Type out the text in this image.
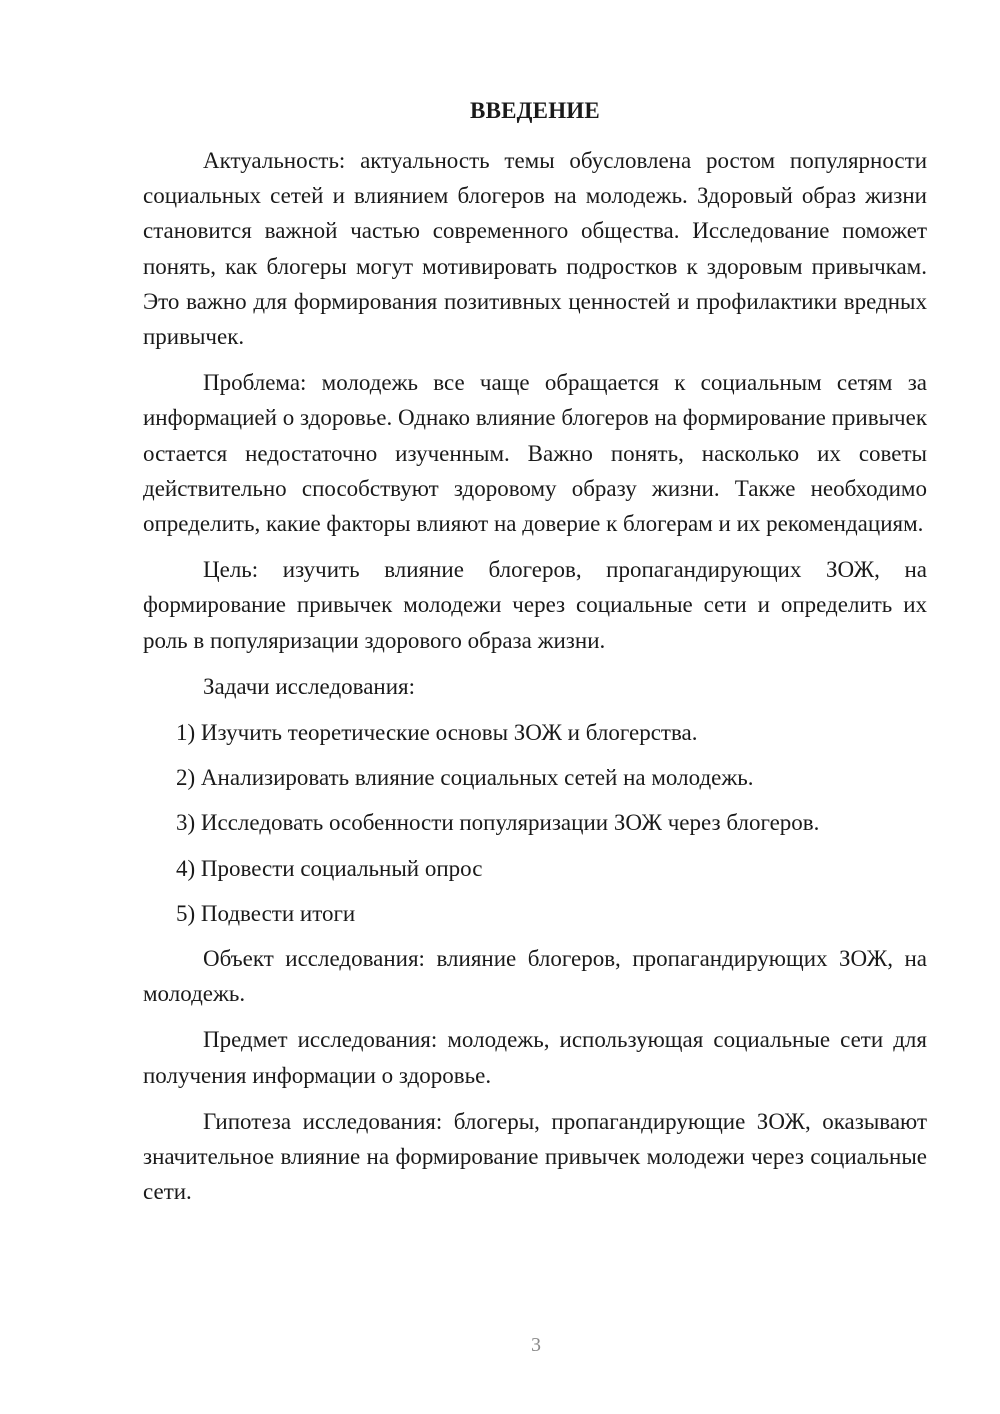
ВВЕДЕНИЕ

Актуальность: актуальность темы обусловлена ростом популярности социальных сетей и влиянием блогеров на молодежь. Здоровый образ жизни становится важной частью современного общества. Исследование поможет понять, как блогеры могут мотивировать подростков к здоровым привычкам. Это важно для формирования позитивных ценностей и профилактики вредных привычек.

Проблема: молодежь все чаще обращается к социальным сетям за информацией о здоровье. Однако влияние блогеров на формирование привычек остается недостаточно изученным. Важно понять, насколько их советы действительно способствуют здоровому образу жизни. Также необходимо определить, какие факторы влияют на доверие к блогерам и их рекомендациям.

Цель: изучить влияние блогеров, пропагандирующих ЗОЖ, на формирование привычек молодежи через социальные сети и определить их роль в популяризации здорового образа жизни.

Задачи исследования:

1) Изучить теоретические основы ЗОЖ и блогерства.
2) Анализировать влияние социальных сетей на молодежь.
3) Исследовать особенности популяризации ЗОЖ через блогеров.
4) Провести социальный опрос
5) Подвести итоги

Объект исследования: влияние блогеров, пропагандирующих ЗОЖ, на молодежь.

Предмет исследования: молодежь, использующая социальные сети для получения информации о здоровье.

Гипотеза исследования: блогеры, пропагандирующие ЗОЖ, оказывают значительное влияние на формирование привычек молодежи через социальные сети.

3
